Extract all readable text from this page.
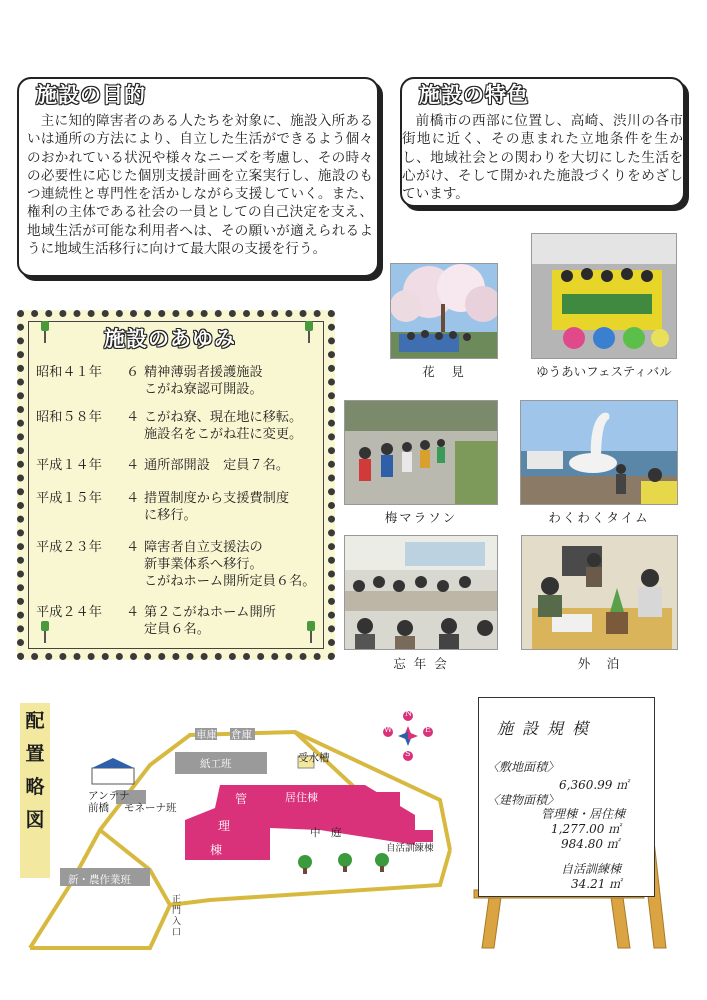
施設の目的
主に知的障害者のある人たちを対象に、施設入所あるいは通所の方法により、自立した生活ができるよう個々のおかれている状況や様々なニーズを考慮し、その時々の必要性に応じた個別支援計画を立案実行し、施設のもつ連続性と専門性を活かしながら支援していく。また、権利の主体である社会の一員としての自己決定を支え、地域生活が可能な利用者へは、その願いが適えられるように地域生活移行に向けて最大限の支援を行う。
施設の特色
前橋市の西部に位置し、高崎、渋川の各市街地に近く、その恵まれた立地条件を生かし、地域社会との関わりを大切にした生活を心がけ、そして開かれた施設づくりをめざしています。
施設のあゆみ
昭和４１年	６ 精神薄弱者援護施設
こがね寮認可開設。
昭和５８年	４ こがね寮、現在地に移転。
施設名をこがね荘に変更。
平成１４年	４ 通所部開設　定員７名。
平成１５年	４ 措置制度から支援費制度
に移行。
平成２３年	４ 障害者自立支援法の
新事業体系へ移行。
こがねホーム開所定員６名。
平成２４年	４ 第２こがねホーム開所
定員６名。
花　見	ゆうあいフェスティバル
梅マラソン	わくわくタイム
忘 年 会	外　泊
配
置
略
図
N
S
W	E
車庫 倉庫
紙工班	受水槽
アンテナ
前橋 モネーナ班
管
理
棟
居住棟
中　庭
自活訓練棟
新・農作業班
正門入口
施設規模
〈敷地面積〉
6,360.99 ㎡
〈建物面積〉
管理棟・居住棟
1,277.00 ㎡
984.80 ㎡
自活訓練棟
34.21 ㎡
